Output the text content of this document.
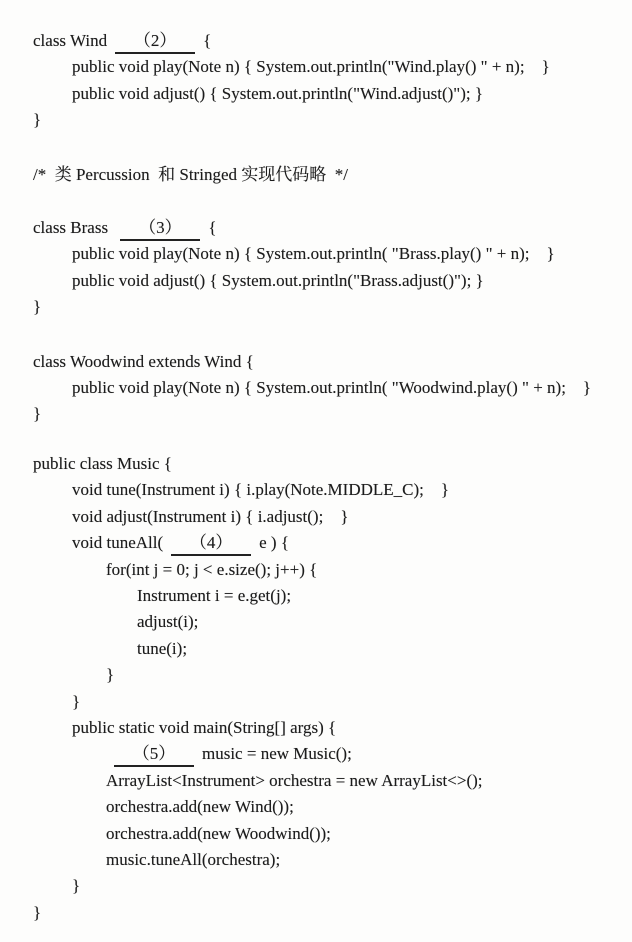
class Wind （2） {
public void play(Note n) { System.out.println("Wind.play() " + n);    }
public void adjust() { System.out.println("Wind.adjust()"); }
}
/*  类 Percussion  和 Stringed 实现代码略  */
class Brass （3） {
public void play(Note n) { System.out.println( "Brass.play() " + n);    }
public void adjust() { System.out.println("Brass.adjust()"); }
}
class Woodwind extends Wind {
public void play(Note n) { System.out.println( "Woodwind.play() " + n);    }
}
public class Music {
void tune(Instrument i) { i.play(Note.MIDDLE_C);    }
void adjust(Instrument i) { i.adjust();    }
void tuneAll( （4） e ) {
for(int j = 0; j < e.size(); j++) {
Instrument i = e.get(j);
adjust(i);
tune(i);
}
}
public static void main(String[] args) {
（5） music = new Music();
ArrayList<Instrument> orchestra = new ArrayList<>();
orchestra.add(new Wind());
orchestra.add(new Woodwind());
music.tuneAll(orchestra);
}
}
